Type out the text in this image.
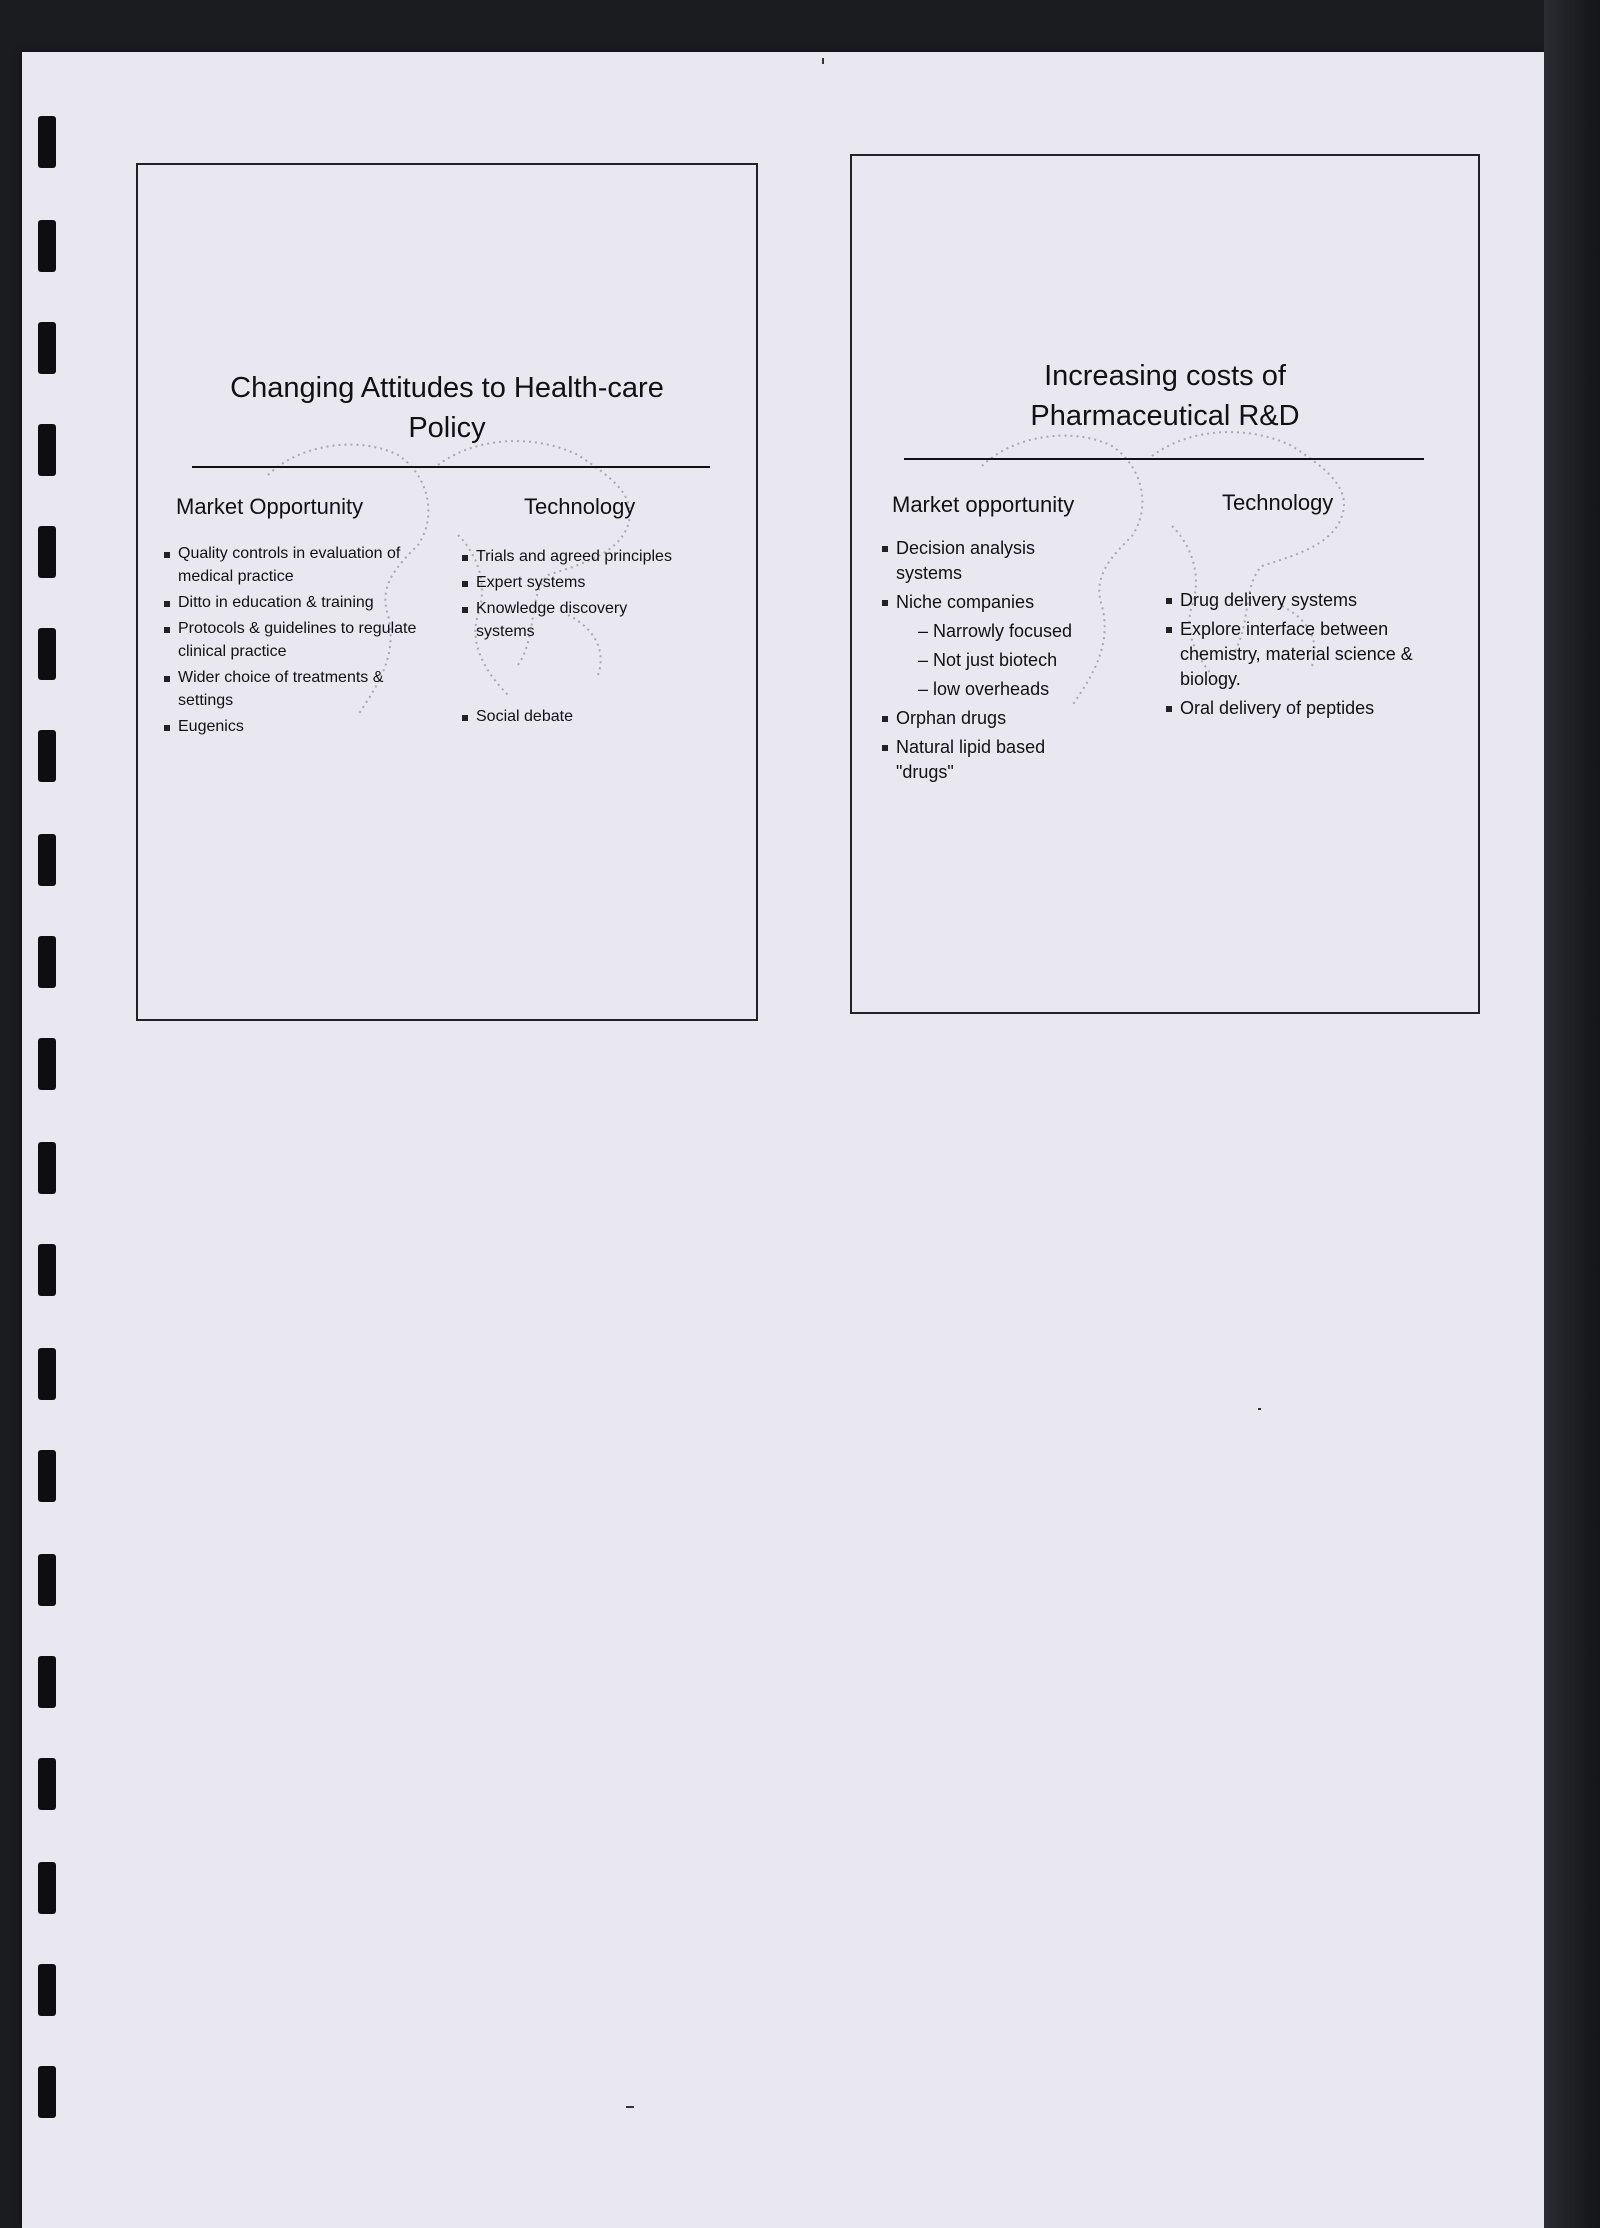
Changing Attitudes to Health-care
Policy
Market Opportunity	Technology
Quality controls in evaluation of medical practice
Ditto in education & training
Protocols & guidelines to regulate clinical practice
Wider choice of treatments & settings
Eugenics
Trials and agreed principles
Expert systems
Knowledge discovery systems
Social debate
Increasing costs of
Pharmaceutical R&D
Market opportunity	Technology
Decision analysis systems
Niche companies
– Narrowly focused
– Not just biotech
– low overheads
Orphan drugs
Natural lipid based "drugs"
Drug delivery systems
Explore interface between chemistry, material science & biology.
Oral delivery of peptides
